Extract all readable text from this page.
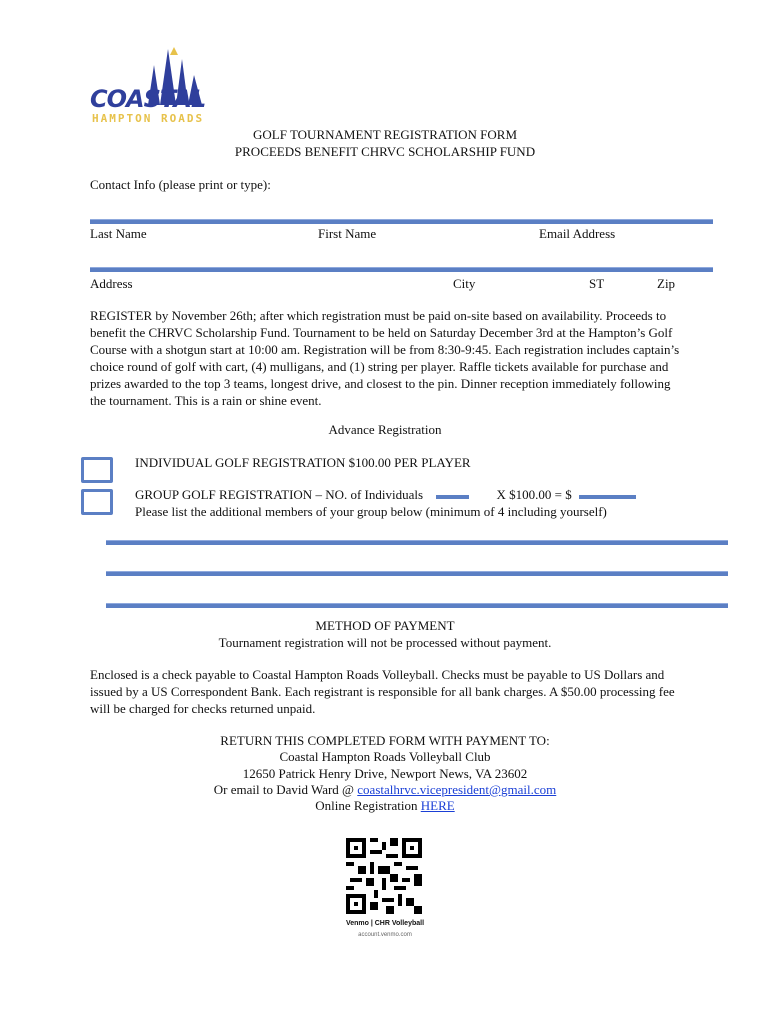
COASTAL
HAMPTON ROADS
GOLF TOURNAMENT REGISTRATION FORM
PROCEEDS BENEFIT CHRVC SCHOLARSHIP FUND
Contact Info (please print or type):
Last Name	First Name	Email Address
Address	City	ST	Zip
REGISTER by November 26th; after which registration must be paid on-site based on availability. Proceeds to benefit the CHRVC Scholarship Fund. Tournament to be held on Saturday December 3rd at the Hampton’s Golf Course with a shotgun start at 10:00 am. Registration will be from 8:30-9:45. Each registration includes captain’s choice round of golf with cart, (4) mulligans, and (1) string per player. Raffle tickets available for purchase and prizes awarded to the top 3 teams, longest drive, and closest to the pin. Dinner reception immediately following the tournament. This is a rain or shine event.
Advance Registration
INDIVIDUAL GOLF REGISTRATION $100.00 PER PLAYER
GROUP GOLF REGISTRATION – NO. of Individuals	X $100.00 = $
Please list the additional members of your group below (minimum of 4 including yourself)
METHOD OF PAYMENT
Tournament registration will not be processed without payment.
Enclosed is a check payable to Coastal Hampton Roads Volleyball. Checks must be payable to US Dollars and issued by a US Correspondent Bank. Each registrant is responsible for all bank charges. A $50.00 processing fee will be charged for checks returned unpaid.
RETURN THIS COMPLETED FORM WITH PAYMENT TO:
Coastal Hampton Roads Volleyball Club
12650 Patrick Henry Drive, Newport News, VA 23602
Or email to David Ward @ coastalhrvc.vicepresident@gmail.com
Online Registration HERE
Venmo | CHR Volleyball
account.venmo.com
